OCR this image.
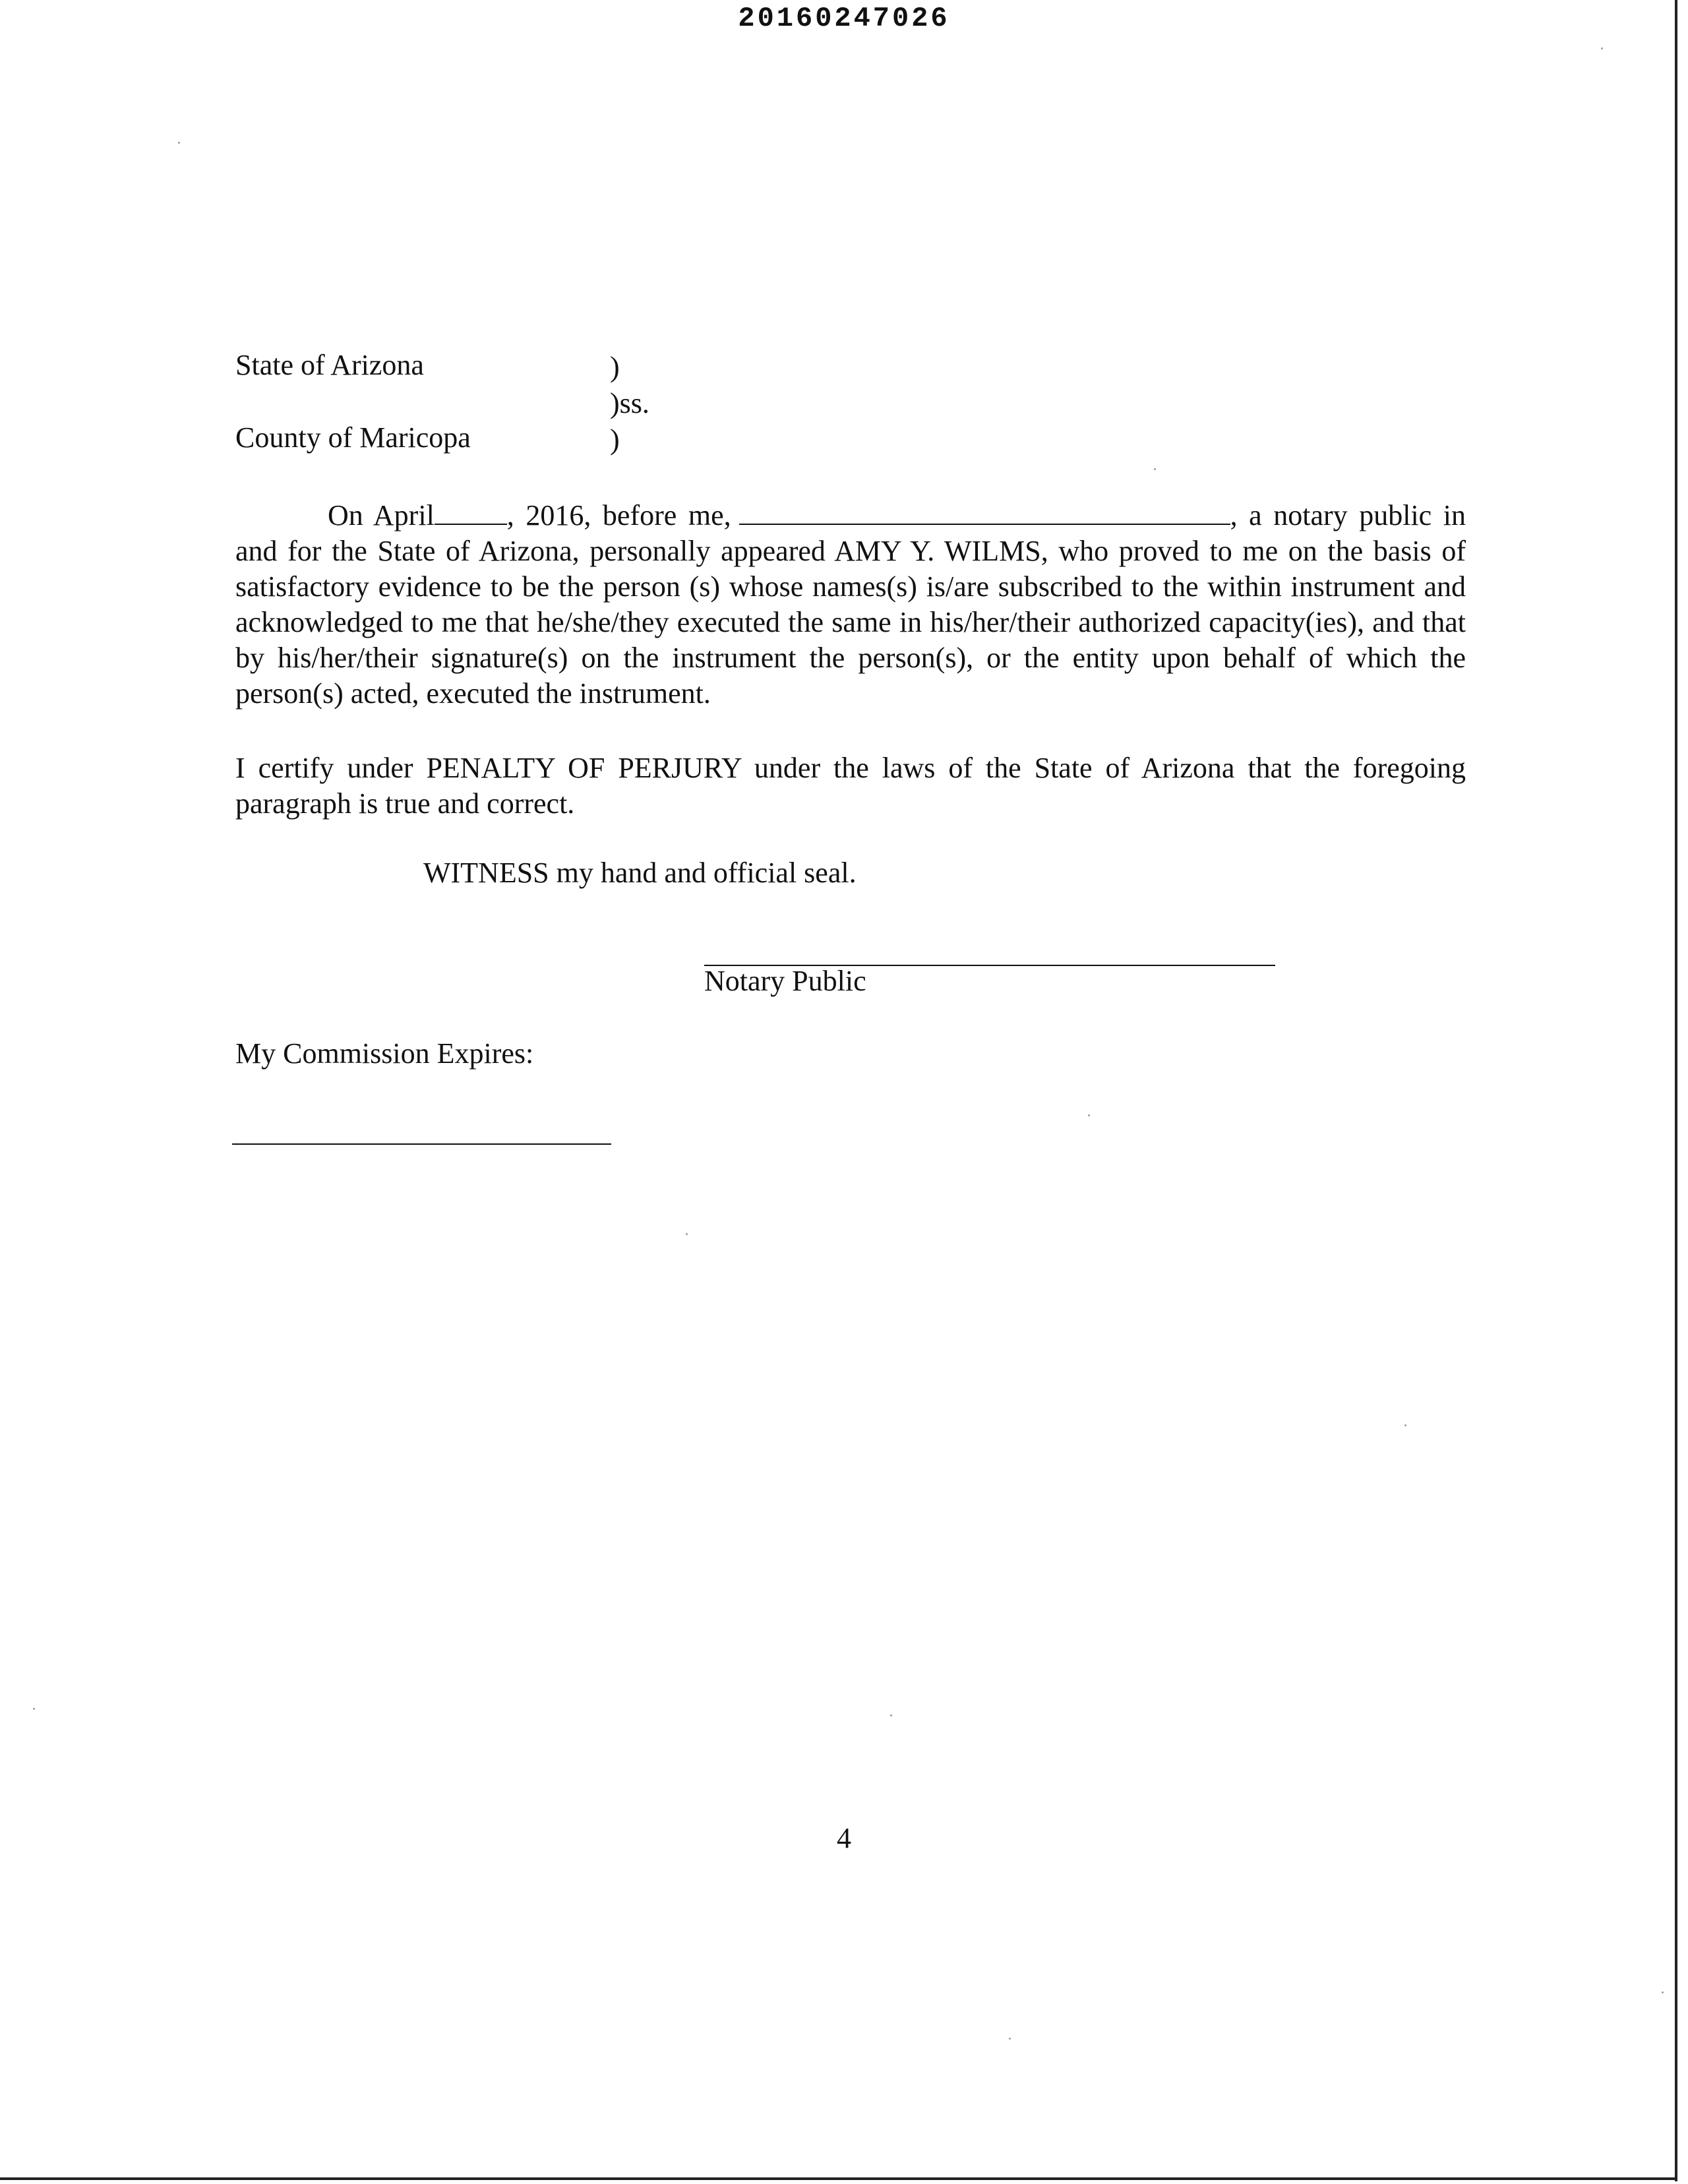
20160247026
State of Arizona	)
)ss.
County of Maricopa	)
On April	, 2016, before me,	, a notary public in and for the State of Arizona, personally appeared AMY Y. WILMS, who proved to me on the basis of satisfactory evidence to be the person (s) whose names(s) is/are subscribed to the within instrument and acknowledged to me that he/she/they executed the same in his/her/their authorized capacity(ies), and that by his/her/their signature(s) on the instrument the person(s), or the entity upon behalf of which the person(s) acted, executed the instrument.
I certify under PENALTY OF PERJURY under the laws of the State of Arizona that the foregoing paragraph is true and correct.
WITNESS my hand and official seal.
Notary Public
My Commission Expires:
4
